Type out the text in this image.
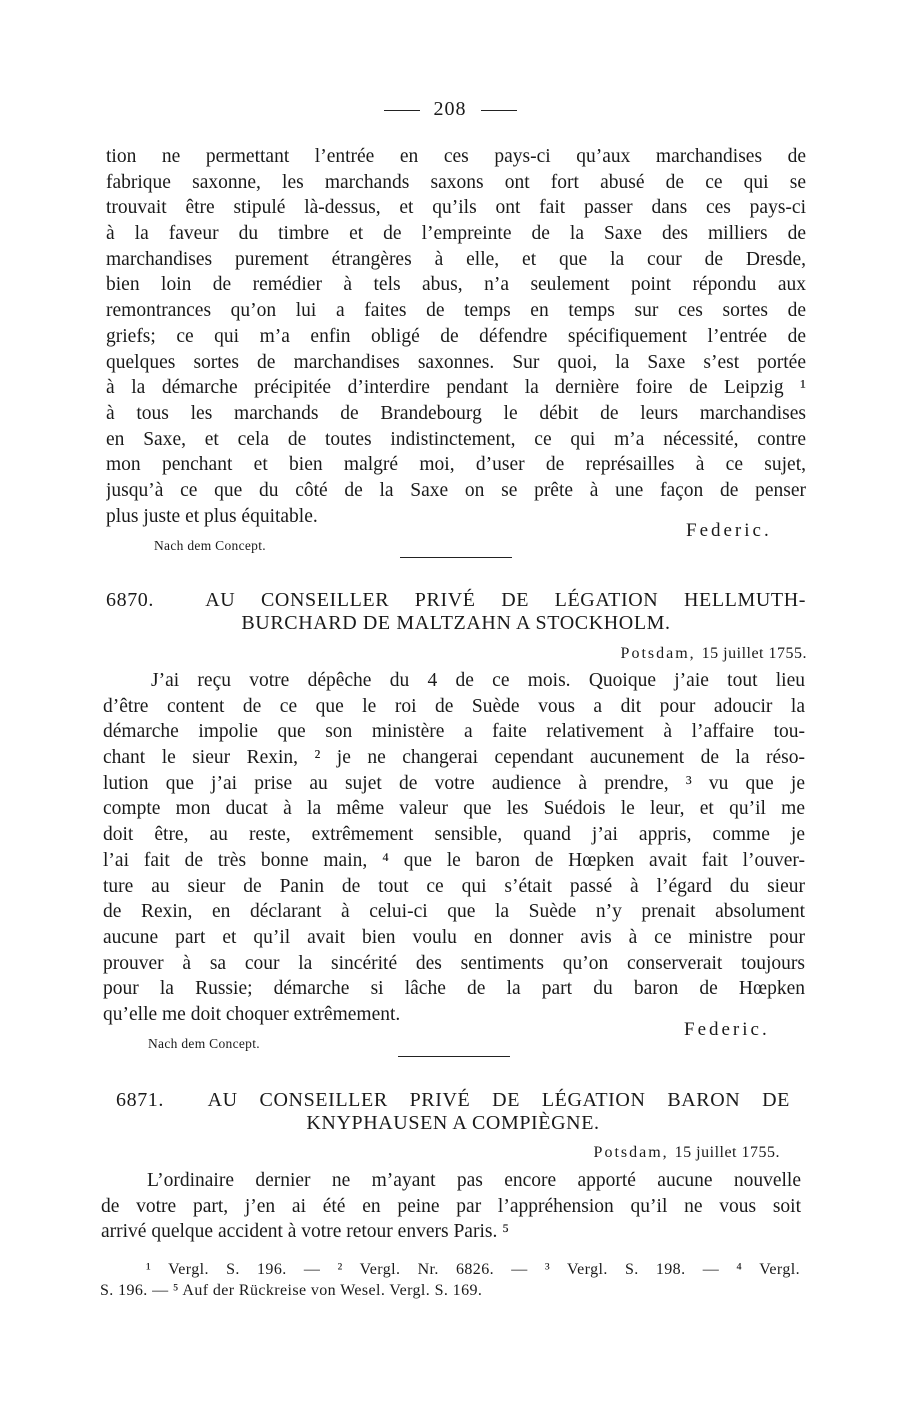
208
tion ne permettant l’entrée en ces pays-ci qu’aux marchandises de
fabrique saxonne, les marchands saxons ont fort abusé de ce qui se
trouvait être stipulé là-dessus, et qu’ils ont fait passer dans ces pays-ci
à la faveur du timbre et de l’empreinte de la Saxe des milliers de
marchandises purement étrangères à elle, et que la cour de Dresde,
bien loin de remédier à tels abus, n’a seulement point répondu aux
remontrances qu’on lui a faites de temps en temps sur ces sortes de
griefs; ce qui m’a enfin obligé de défendre spécifiquement l’entrée de
quelques sortes de marchandises saxonnes. Sur quoi, la Saxe s’est portée
à la démarche précipitée d’interdire pendant la dernière foire de Leipzig ¹
à tous les marchands de Brandebourg le débit de leurs marchandises
en Saxe, et cela de toutes indistinctement, ce qui m’a nécessité, contre
mon penchant et bien malgré moi, d’user de représailles à ce sujet,
jusqu’à ce que du côté de la Saxe on se prête à une façon de penser
plus juste et plus équitable.
Federic.
Nach dem Concept.
6870.	AU CONSEILLER PRIVÉ DE LÉGATION HELLMUTH-
BURCHARD DE MALTZAHN A STOCKHOLM.
Potsdam, 15 juillet 1755.
J’ai reçu votre dépêche du 4 de ce mois. Quoique j’aie tout lieu
d’être content de ce que le roi de Suède vous a dit pour adoucir la
démarche impolie que son ministère a faite relativement à l’affaire tou-
chant le sieur Rexin, ² je ne changerai cependant aucunement de la réso-
lution que j’ai prise au sujet de votre audience à prendre, ³ vu que je
compte mon ducat à la même valeur que les Suédois le leur, et qu’il me
doit être, au reste, extrêmement sensible, quand j’ai appris, comme je
l’ai fait de très bonne main, ⁴ que le baron de Hœpken avait fait l’ouver-
ture au sieur de Panin de tout ce qui s’était passé à l’égard du sieur
de Rexin, en déclarant à celui-ci que la Suède n’y prenait absolument
aucune part et qu’il avait bien voulu en donner avis à ce ministre pour
prouver à sa cour la sincérité des sentiments qu’on conserverait toujours
pour la Russie; démarche si lâche de la part du baron de Hœpken
qu’elle me doit choquer extrêmement.
Federic.
Nach dem Concept.
6871. AU CONSEILLER PRIVÉ DE LÉGATION BARON DE
KNYPHAUSEN A COMPIÈGNE.
Potsdam, 15 juillet 1755.
L’ordinaire dernier ne m’ayant pas encore apporté aucune nouvelle
de votre part, j’en ai été en peine par l’appréhension qu’il ne vous soit
arrivé quelque accident à votre retour envers Paris. ⁵
¹ Vergl. S. 196. — ² Vergl. Nr. 6826. — ³ Vergl. S. 198. — ⁴ Vergl.
S. 196. — ⁵ Auf der Rückreise von Wesel. Vergl. S. 169.
